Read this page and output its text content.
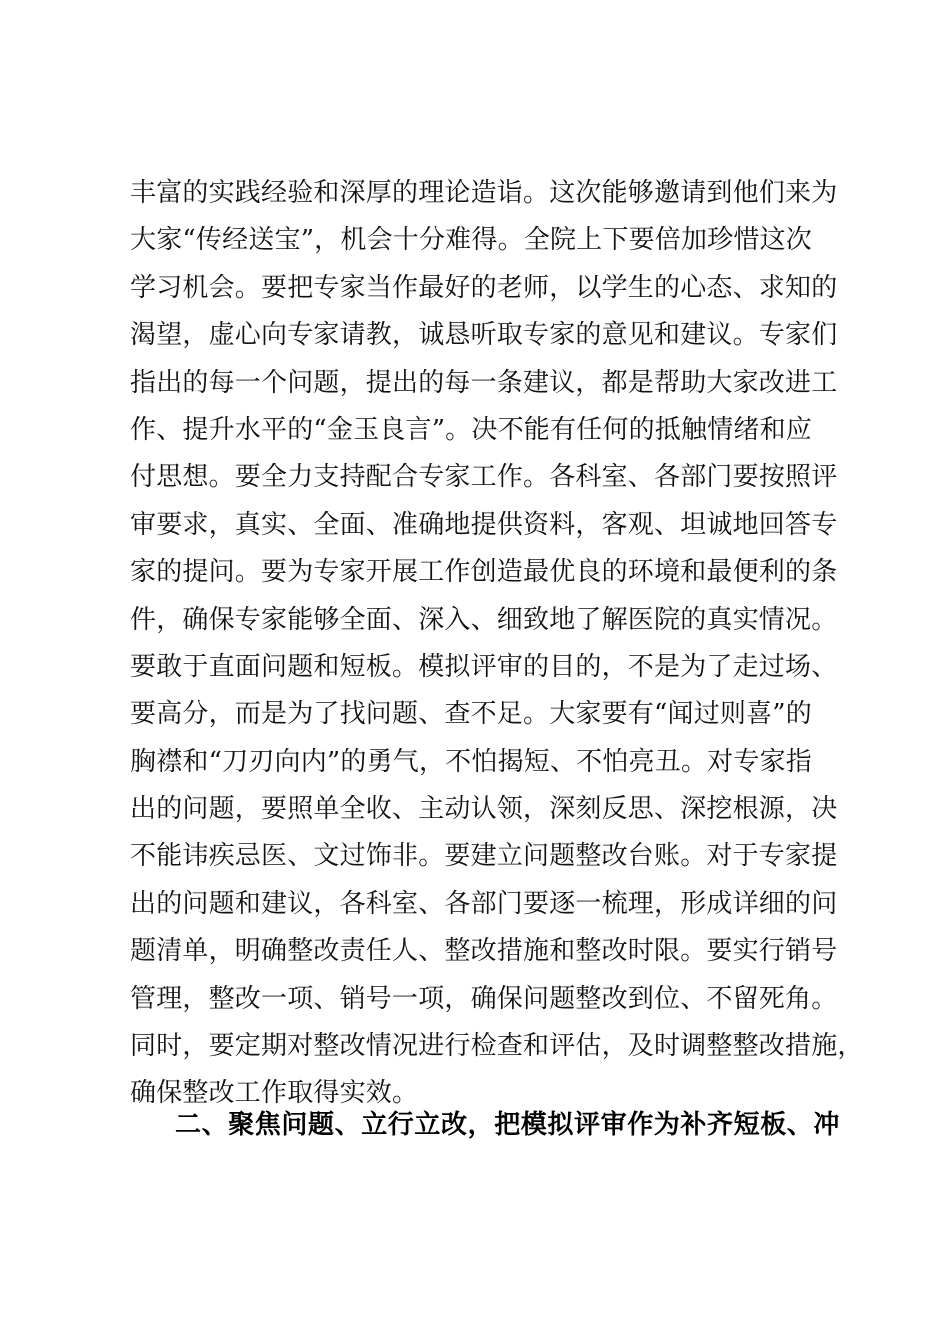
丰富的实践经验和深厚的理论造诣。这次能够邀请到他们来为
大家“传经送宝”，机会十分难得。全院上下要倍加珍惜这次
学习机会。要把专家当作最好的老师，以学生的心态、求知的
渴望，虚心向专家请教，诚恳听取专家的意见和建议。专家们
指出的每一个问题，提出的每一条建议，都是帮助大家改进工
作、提升水平的“金玉良言”。决不能有任何的抵触情绪和应
付思想。要全力支持配合专家工作。各科室、各部门要按照评
审要求，真实、全面、准确地提供资料，客观、坦诚地回答专
家的提问。要为专家开展工作创造最优良的环境和最便利的条
件，确保专家能够全面、深入、细致地了解医院的真实情况。
要敢于直面问题和短板。模拟评审的目的，不是为了走过场、
要高分，而是为了找问题、查不足。大家要有“闻过则喜”的
胸襟和“刀刃向内”的勇气，不怕揭短、不怕亮丑。对专家指
出的问题，要照单全收、主动认领，深刻反思、深挖根源，决
不能讳疾忌医、文过饰非。要建立问题整改台账。对于专家提
出的问题和建议，各科室、各部门要逐一梳理，形成详细的问
题清单，明确整改责任人、整改措施和整改时限。要实行销号
管理，整改一项、销号一项，确保问题整改到位、不留死角。
同时，要定期对整改情况进行检查和评估，及时调整整改措施，
确保整改工作取得实效。
二、聚焦问题、立行立改，把模拟评审作为补齐短板、冲
